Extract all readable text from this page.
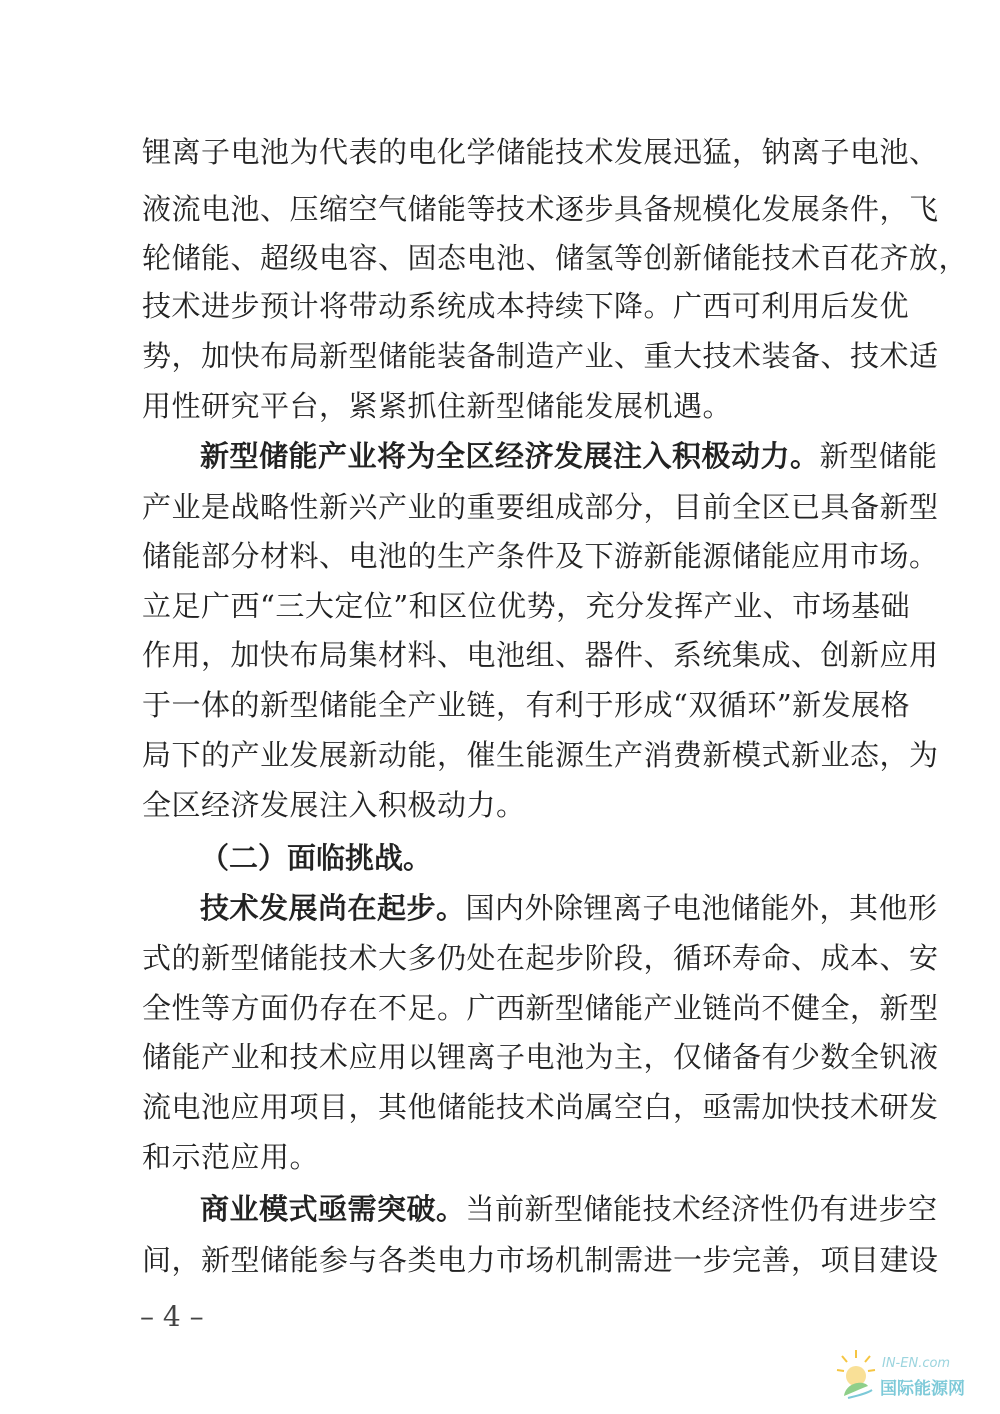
锂离子电池为代表的电化学储能技术发展迅猛，钠离子电池、
液流电池、压缩空气储能等技术逐步具备规模化发展条件，飞
轮储能、超级电容、固态电池、储氢等创新储能技术百花齐放，
技术进步预计将带动系统成本持续下降。广西可利用后发优
势，加快布局新型储能装备制造产业、重大技术装备、技术适
用性研究平台，紧紧抓住新型储能发展机遇。
新型储能产业将为全区经济发展注入积极动力。新型储能
产业是战略性新兴产业的重要组成部分，目前全区已具备新型
储能部分材料、电池的生产条件及下游新能源储能应用市场。
立足广西“三大定位”和区位优势，充分发挥产业、市场基础
作用，加快布局集材料、电池组、器件、系统集成、创新应用
于一体的新型储能全产业链，有利于形成“双循环”新发展格
局下的产业发展新动能，催生能源生产消费新模式新业态，为
全区经济发展注入积极动力。
（二）面临挑战。
技术发展尚在起步。国内外除锂离子电池储能外，其他形
式的新型储能技术大多仍处在起步阶段，循环寿命、成本、安
全性等方面仍存在不足。广西新型储能产业链尚不健全，新型
储能产业和技术应用以锂离子电池为主，仅储备有少数全钒液
流电池应用项目，其他储能技术尚属空白，亟需加快技术研发
和示范应用。
商业模式亟需突破。当前新型储能技术经济性仍有进步空
间，新型储能参与各类电力市场机制需进一步完善，项目建设
– 4 –
IN-EN.com
国际能源网
